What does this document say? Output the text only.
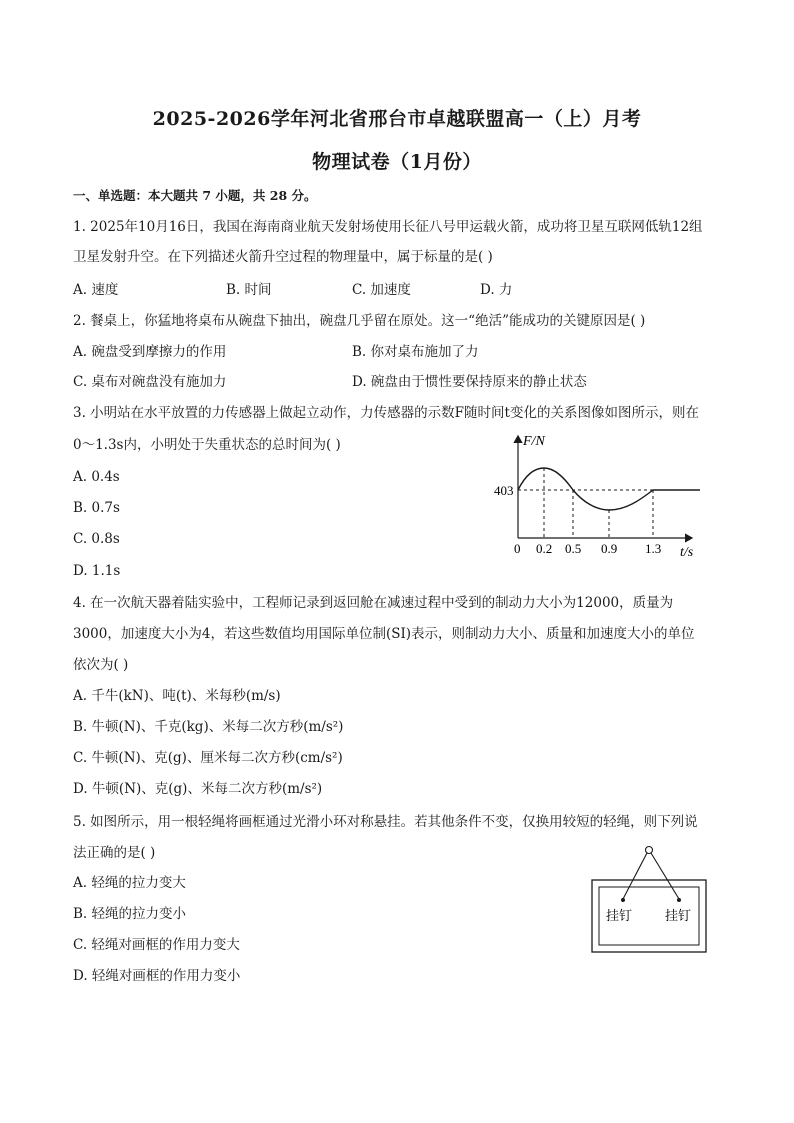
2025-2026学年河北省邢台市卓越联盟高一（上）月考
物理试卷（1月份）
一、单选题：本大题共 7 小题，共 28 分。
1. 2025年10月16日，我国在海南商业航天发射场使用长征八号甲运载火箭，成功将卫星互联网低轨12组
卫星发射升空。在下列描述火箭升空过程的物理量中，属于标量的是( )
A. 速度	B. 时间	C. 加速度	D. 力
2. 餐桌上，你猛地将桌布从碗盘下抽出，碗盘几乎留在原处。这一“绝活”能成功的关键原因是( )
A. 碗盘受到摩擦力的作用	B. 你对桌布施加了力
C. 桌布对碗盘没有施加力	D. 碗盘由于惯性要保持原来的静止状态
3. 小明站在水平放置的力传感器上做起立动作，力传感器的示数F随时间t变化的关系图像如图所示，则在
0～1.3s内，小明处于失重状态的总时间为( )
A. 0.4s
B. 0.7s
C. 0.8s
D. 1.1s
F/N
t/s
403
0 0.2 0.5 0.9 1.3
4. 在一次航天器着陆实验中，工程师记录到返回舱在减速过程中受到的制动力大小为12000，质量为
3000，加速度大小为4，若这些数值均用国际单位制(SI)表示，则制动力大小、质量和加速度大小的单位
依次为( )
A. 千牛(kN)、吨(t)、米每秒(m/s)
B. 牛顿(N)、千克(kg)、米每二次方秒(m/s²)
C. 牛顿(N)、克(g)、厘米每二次方秒(cm/s²)
D. 牛顿(N)、克(g)、米每二次方秒(m/s²)
5. 如图所示，用一根轻绳将画框通过光滑小环对称悬挂。若其他条件不变，仅换用较短的轻绳，则下列说
法正确的是( )
A. 轻绳的拉力变大
B. 轻绳的拉力变小
C. 轻绳对画框的作用力变大
D. 轻绳对画框的作用力变小
挂钉	挂钉
